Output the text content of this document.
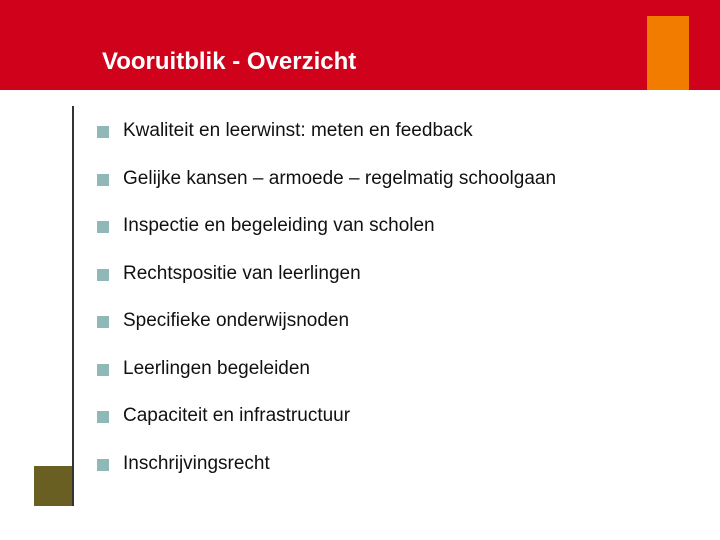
Vooruitblik - Overzicht
Kwaliteit en leerwinst: meten en feedback
Gelijke kansen – armoede – regelmatig schoolgaan
Inspectie en begeleiding van scholen
Rechtspositie van leerlingen
Specifieke onderwijsnoden
Leerlingen begeleiden
Capaciteit en infrastructuur
Inschrijvingsrecht
